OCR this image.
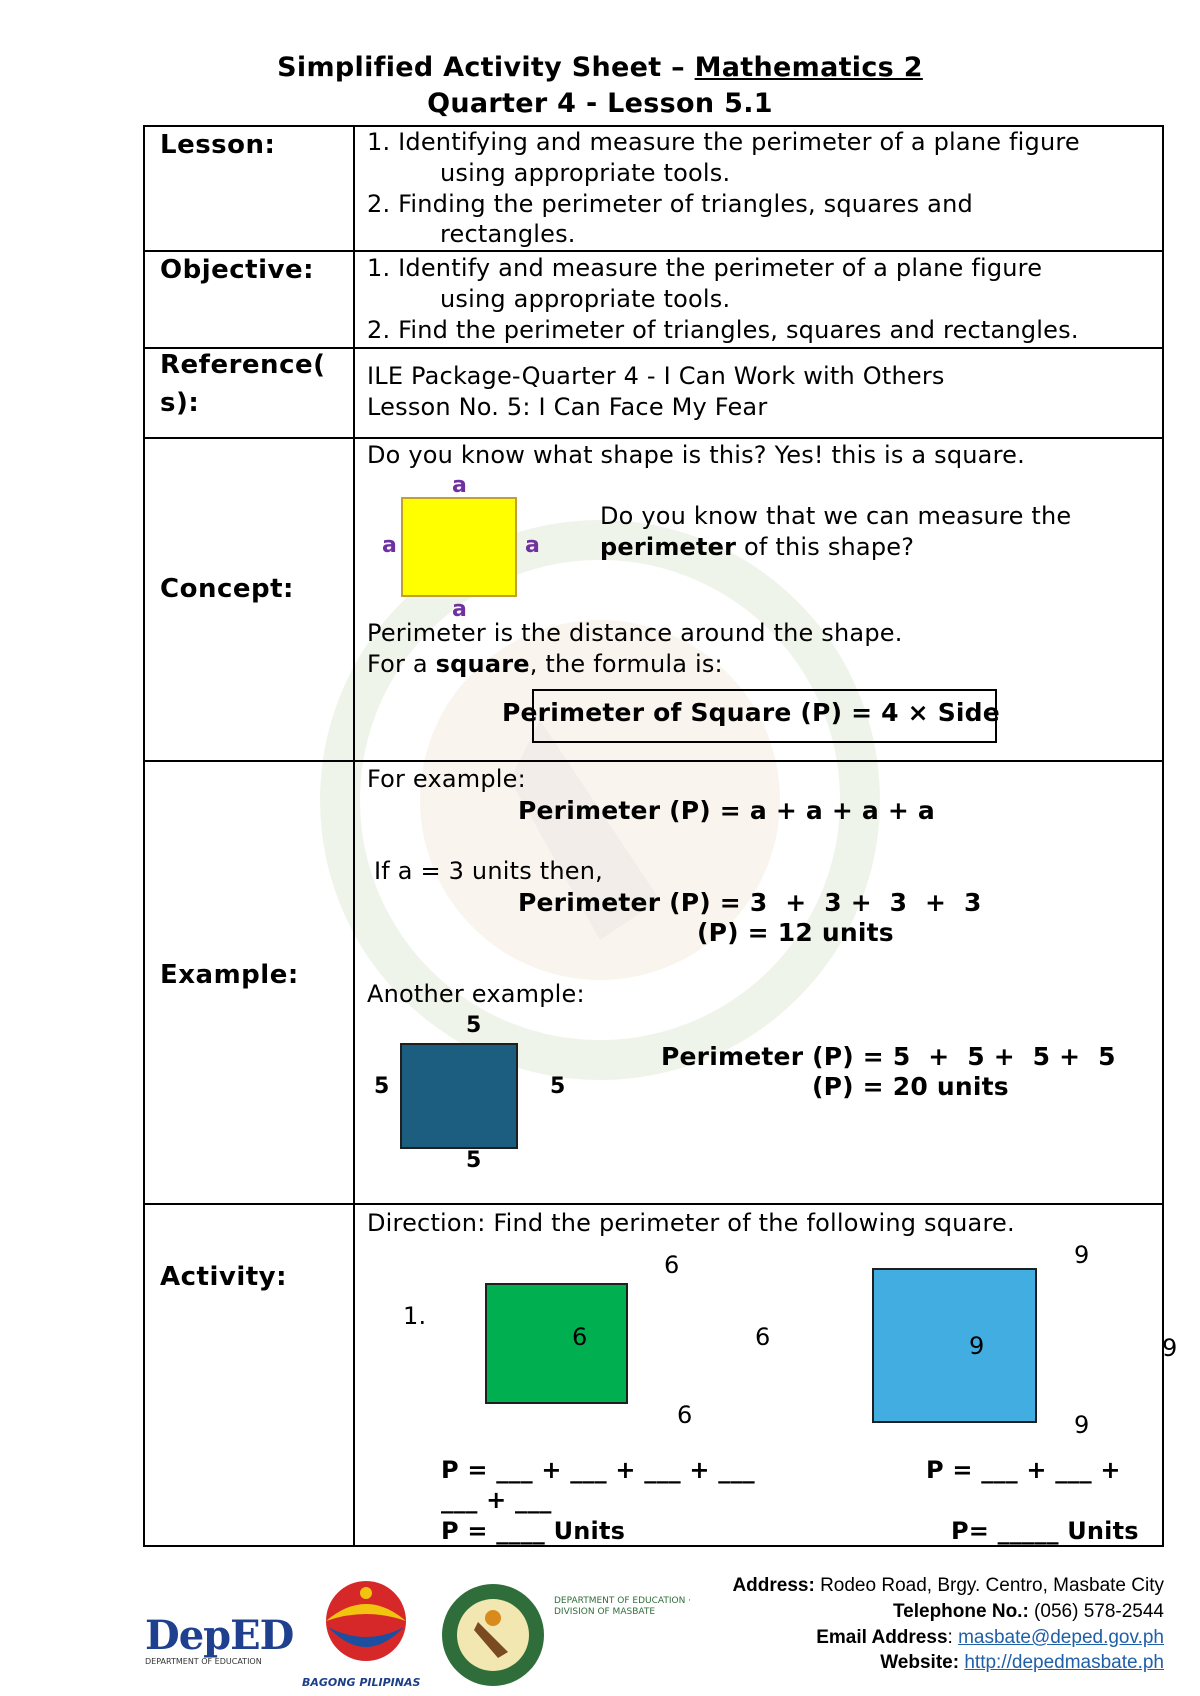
Simplified Activity Sheet – Mathematics 2
Quarter 4 - Lesson 5.1
Lesson:	1. Identifying and measure the perimeter of a plane figure
using appropriate tools.
2. Finding the perimeter of triangles, squares and
rectangles.
Objective: 1. Identify and measure the perimeter of a plane figure
using appropriate tools.
2. Find the perimeter of triangles, squares and rectangles.
Reference(
s):
ILE Package-Quarter 4 - I Can Work with Others
Lesson No. 5: I Can Face My Fear
Concept:
Do you know what shape is this? Yes! this is a square.
a
a	a
a
Do you know that we can measure the
perimeter of this shape?
Perimeter is the distance around the shape.
For a square, the formula is:
Perimeter of Square (P) = 4 × Side
Example:
For example:
Perimeter (P) = a + a + a + a
If a = 3 units then,
Perimeter (P) = 3  +  3 +  3  +  3
(P) = 12 units
Another example:
5
5	5
5
Perimeter (P) = 5  +  5 +  5 +  5
(P) = 20 units
Activity:
Direction: Find the perimeter of the following square.
1.
6
6	6
6
9
9	9
9
P = ___ + ___ + ___ + ___
___ + ___
P = ____ Units
P = ___ + ___ +
P= _____ Units
DepED
DEPARTMENT OF EDUCATION
BAGONG PILIPINAS
DEPARTMENT OF EDUCATION · DIVISION OF MASBATE
Address: Rodeo Road, Brgy. Centro, Masbate City
Telephone No.: (056) 578-2544
Email Address: masbate@deped.gov.ph
Website: http://depedmasbate.ph
